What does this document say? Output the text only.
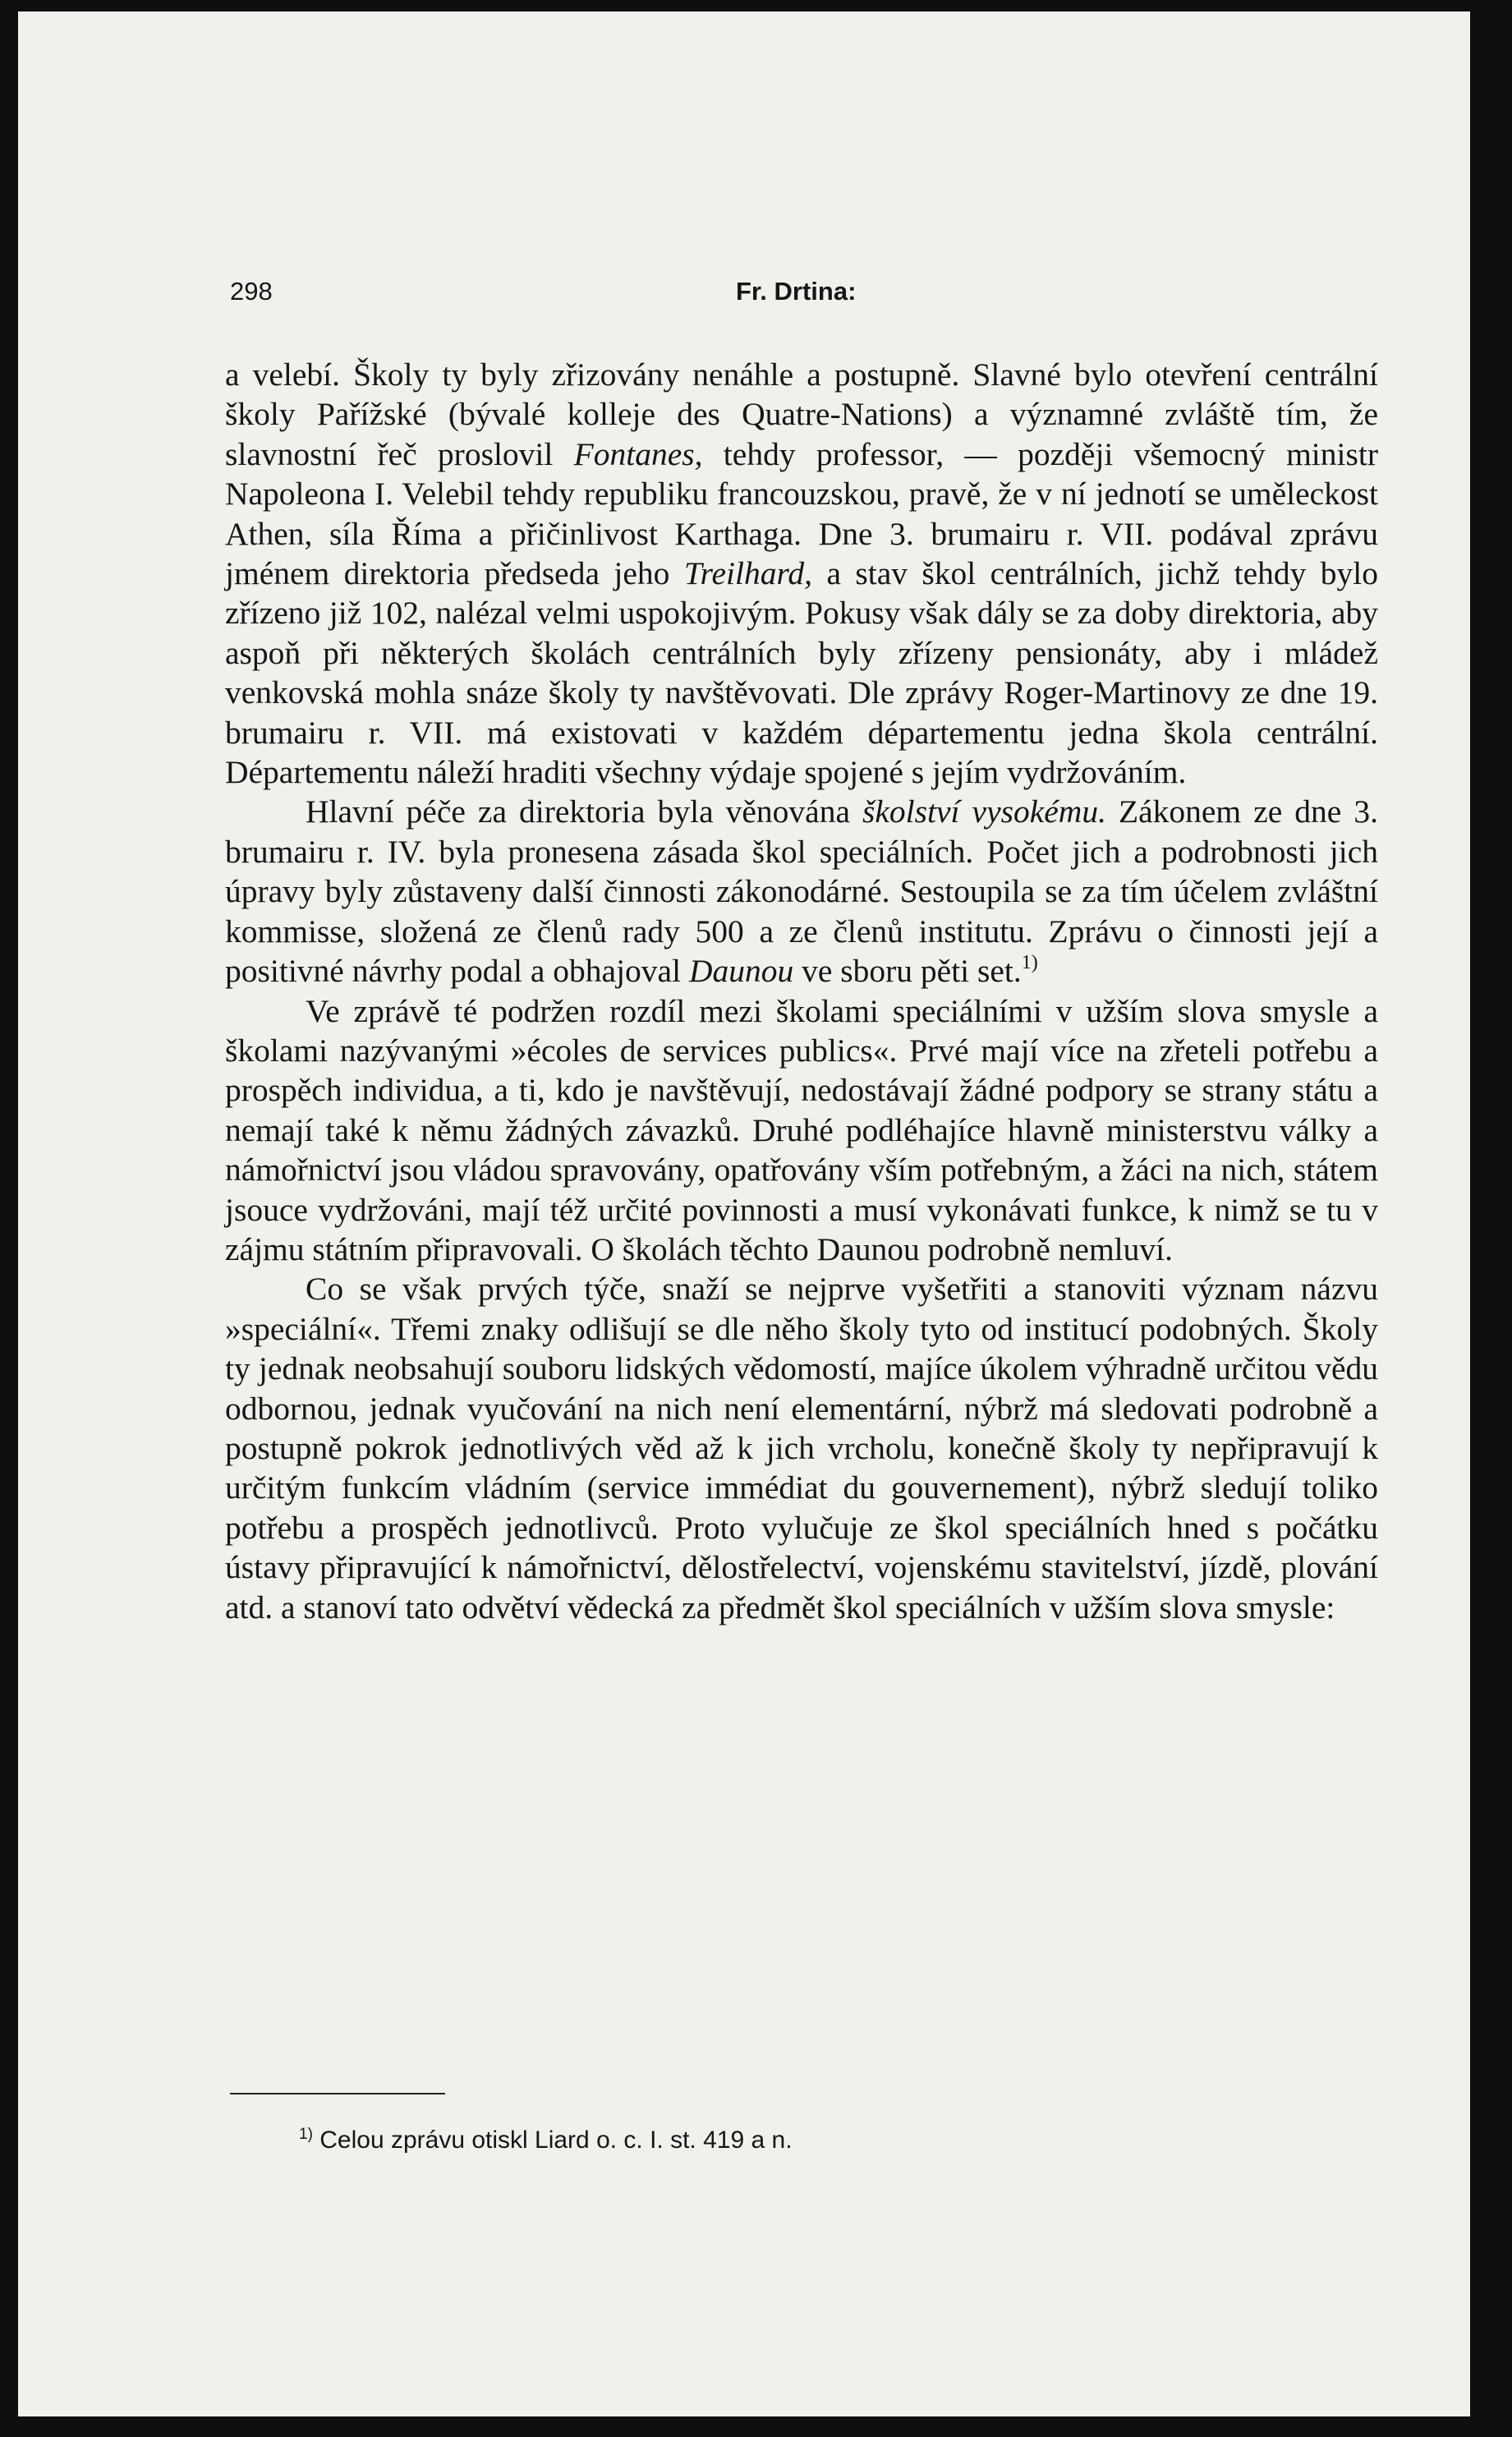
298	Fr. Drtina:

a velebí. Školy ty byly zřizovány nenáhle a postupně. Slavné bylo otevření centrální školy Pařížské (bývalé kolleje des Quatre-Nations) a významné zvláště tím, že slavnostní řeč proslovil Fontanes, tehdy professor, — později všemocný ministr Napoleona I. Velebil tehdy republiku francouzskou, pravě, že v ní jednotí se uměleckost Athen, síla Říma a přičinlivost Karthaga. Dne 3. brumairu r. VII. podával zprávu jménem direktoria předseda jeho Treilhard, a stav škol centrálních, jichž tehdy bylo zřízeno již 102, nalézal velmi uspokojivým. Pokusy však dály se za doby direktoria, aby aspoň při některých školách centrálních byly zřízeny pensionáty, aby i mládež venkovská mohla snáze školy ty navštěvovati. Dle zprávy Roger-Martinovy ze dne 19. brumairu r. VII. má existovati v každém départementu jedna škola centrální. Départementu náleží hraditi všechny výdaje spojené s jejím vydržováním.

Hlavní péče za direktoria byla věnována školství vysokému. Zákonem ze dne 3. brumairu r. IV. byla pronesena zásada škol speciálních. Počet jich a podrobnosti jich úpravy byly zůstaveny další činnosti zákonodárné. Sestoupila se za tím účelem zvláštní kommisse, složená ze členů rady 500 a ze členů institutu. Zprávu o činnosti její a positivné návrhy podal a obhajoval Daunou ve sboru pěti set.$^{1)}$

Ve zprávě té podržen rozdíl mezi školami speciálními v užším slova smysle a školami nazývanými »écoles de services publics«. Prvé mají více na zřeteli potřebu a prospěch individua, a ti, kdo je navštěvují, nedostávají žádné podpory se strany státu a nemají také k němu žádných závazků. Druhé podléhajíce hlavně ministerstvu války a námořnictví jsou vládou spravovány, opatřovány vším potřebným, a žáci na nich, státem jsouce vydržováni, mají též určité povinnosti a musí vykonávati funkce, k nimž se tu v zájmu státním připravovali. O školách těchto Daunou podrobně nemluví.

Co se však prvých týče, snaží se nejprve vyšetřiti a stanoviti význam názvu »speciální«. Třemi znaky odlišují se dle něho školy tyto od institucí podobných. Školy ty jednak neobsahují souboru lidských vědomostí, majíce úkolem výhradně určitou vědu odbornou, jednak vyučování na nich není elementární, nýbrž má sledovati podrobně a postupně pokrok jednotlivých věd až k jich vrcholu, konečně školy ty nepřipravují k určitým funkcím vládním (service immédiat du gouvernement), nýbrž sledují toliko potřebu a prospěch jednotlivců. Proto vylučuje ze škol speciálních hned s počátku ústavy připravující k námořnictví, dělostřelectví, vojenskému stavitelství, jízdě, plování atd. a stanoví tato odvětví vědecká za předmět škol speciálních v užším slova smysle:

$^{1)}$ Celou zprávu otiskl Liard o. c. I. st. 419 a n.
